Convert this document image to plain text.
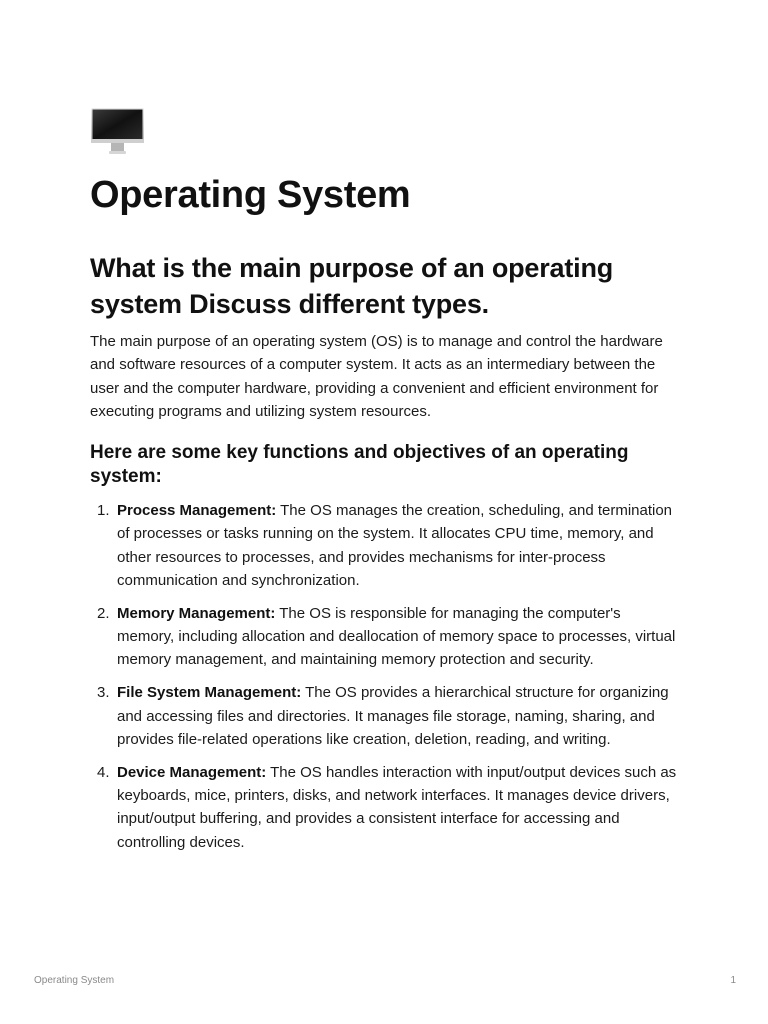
Operating System
What is the main purpose of an operating system Discuss different types.

The main purpose of an operating system (OS) is to manage and control the hardware and software resources of a computer system. It acts as an intermediary between the user and the computer hardware, providing a convenient and efficient environment for executing programs and utilizing system resources.

Here are some key functions and objectives of an operating system:
1. Process Management: The OS manages the creation, scheduling, and termination of processes or tasks running on the system. It allocates CPU time, memory, and other resources to processes, and provides mechanisms for inter-process communication and synchronization.
2. Memory Management: The OS is responsible for managing the computer's memory, including allocation and deallocation of memory space to processes, virtual memory management, and maintaining memory protection and security.
3. File System Management: The OS provides a hierarchical structure for organizing and accessing files and directories. It manages file storage, naming, sharing, and provides file-related operations like creation, deletion, reading, and writing.
4. Device Management: The OS handles interaction with input/output devices such as keyboards, mice, printers, disks, and network interfaces. It manages device drivers, input/output buffering, and provides a consistent interface for accessing and controlling devices.
Operating System	1
